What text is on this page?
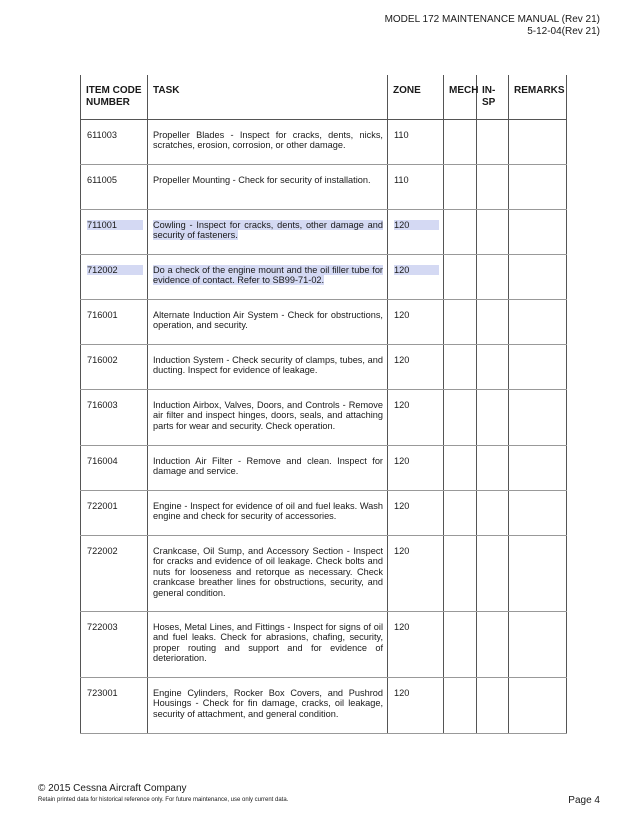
MODEL 172 MAINTENANCE MANUAL (Rev 21)
5-12-04(Rev 21)
ITEM CODE NUMBER	TASK	ZONE	MECH	IN-SP	REMARKS
611003	Propeller Blades - Inspect for cracks, dents, nicks, scratches, erosion, corrosion, or other damage.	110			
611005	Propeller Mounting - Check for security of installation.	110			
711001	Cowling - Inspect for cracks, dents, other damage and security of fasteners.	120			
712002	Do a check of the engine mount and the oil filler tube for evidence of contact. Refer to SB99-71-02.	120			
716001	Alternate Induction Air System - Check for obstructions, operation, and security.	120			
716002	Induction System - Check security of clamps, tubes, and ducting. Inspect for evidence of leakage.	120			
716003	Induction Airbox, Valves, Doors, and Controls - Remove air filter and inspect hinges, doors, seals, and attaching parts for wear and security. Check operation.	120			
716004	Induction Air Filter - Remove and clean. Inspect for damage and service.	120			
722001	Engine - Inspect for evidence of oil and fuel leaks. Wash engine and check for security of accessories.	120			
722002	Crankcase, Oil Sump, and Accessory Section - Inspect for cracks and evidence of oil leakage. Check bolts and nuts for looseness and retorque as necessary. Check crankcase breather lines for obstructions, security, and general condition.	120			
722003	Hoses, Metal Lines, and Fittings - Inspect for signs of oil and fuel leaks. Check for abrasions, chafing, security, proper routing and support and for evidence of deterioration.	120			
723001	Engine Cylinders, Rocker Box Covers, and Pushrod Housings - Check for fin damage, cracks, oil leakage, security of attachment, and general condition.	120			
© 2015 Cessna Aircraft Company
Retain printed data for historical reference only. For future maintenance, use only current data.	Page 4
